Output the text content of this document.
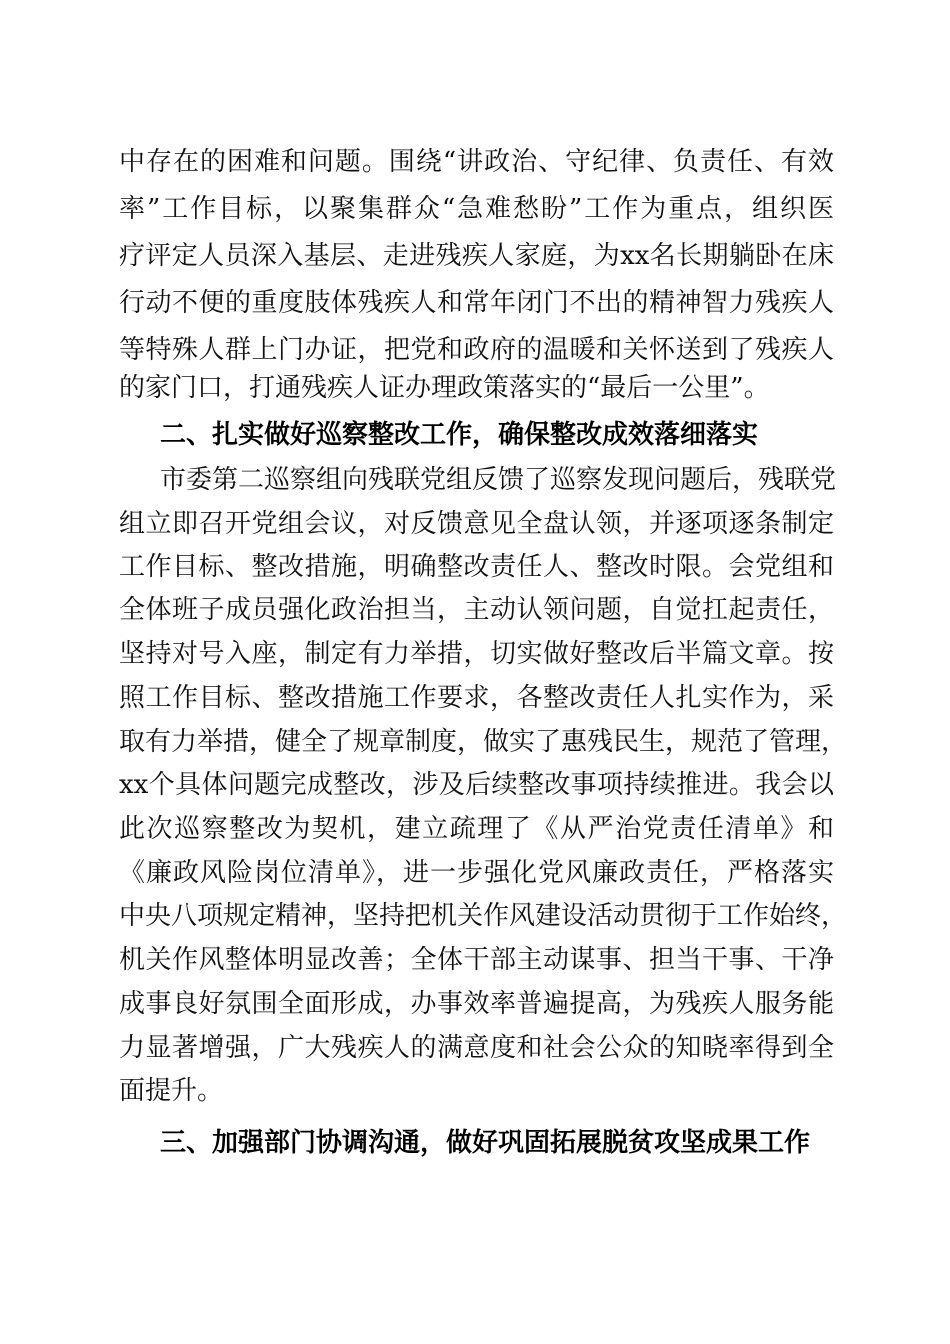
中存在的困难和问题。围绕“讲政治、守纪律、负责任、有效
率”工作目标，以聚集群众“急难愁盼”工作为重点，组织医
疗评定人员深入基层、走进残疾人家庭，为xx名长期躺卧在床
行动不便的重度肢体残疾人和常年闭门不出的精神智力残疾人
等特殊人群上门办证，把党和政府的温暖和关怀送到了残疾人
的家门口，打通残疾人证办理政策落实的“最后一公里”。
二、扎实做好巡察整改工作，确保整改成效落细落实
市委第二巡察组向残联党组反馈了巡察发现问题后，残联党
组立即召开党组会议，对反馈意见全盘认领，并逐项逐条制定
工作目标、整改措施，明确整改责任人、整改时限。会党组和
全体班子成员强化政治担当，主动认领问题，自觉扛起责任，
坚持对号入座，制定有力举措，切实做好整改后半篇文章。按
照工作目标、整改措施工作要求，各整改责任人扎实作为，采
取有力举措，健全了规章制度，做实了惠残民生，规范了管理，
xx个具体问题完成整改，涉及后续整改事项持续推进。我会以
此次巡察整改为契机，建立疏理了《从严治党责任清单》和
《廉政风险岗位清单》，进一步强化党风廉政责任，严格落实
中央八项规定精神，坚持把机关作风建设活动贯彻于工作始终，
机关作风整体明显改善；全体干部主动谋事、担当干事、干净
成事良好氛围全面形成，办事效率普遍提高，为残疾人服务能
力显著增强，广大残疾人的满意度和社会公众的知晓率得到全
面提升。
三、加强部门协调沟通，做好巩固拓展脱贫攻坚成果工作
